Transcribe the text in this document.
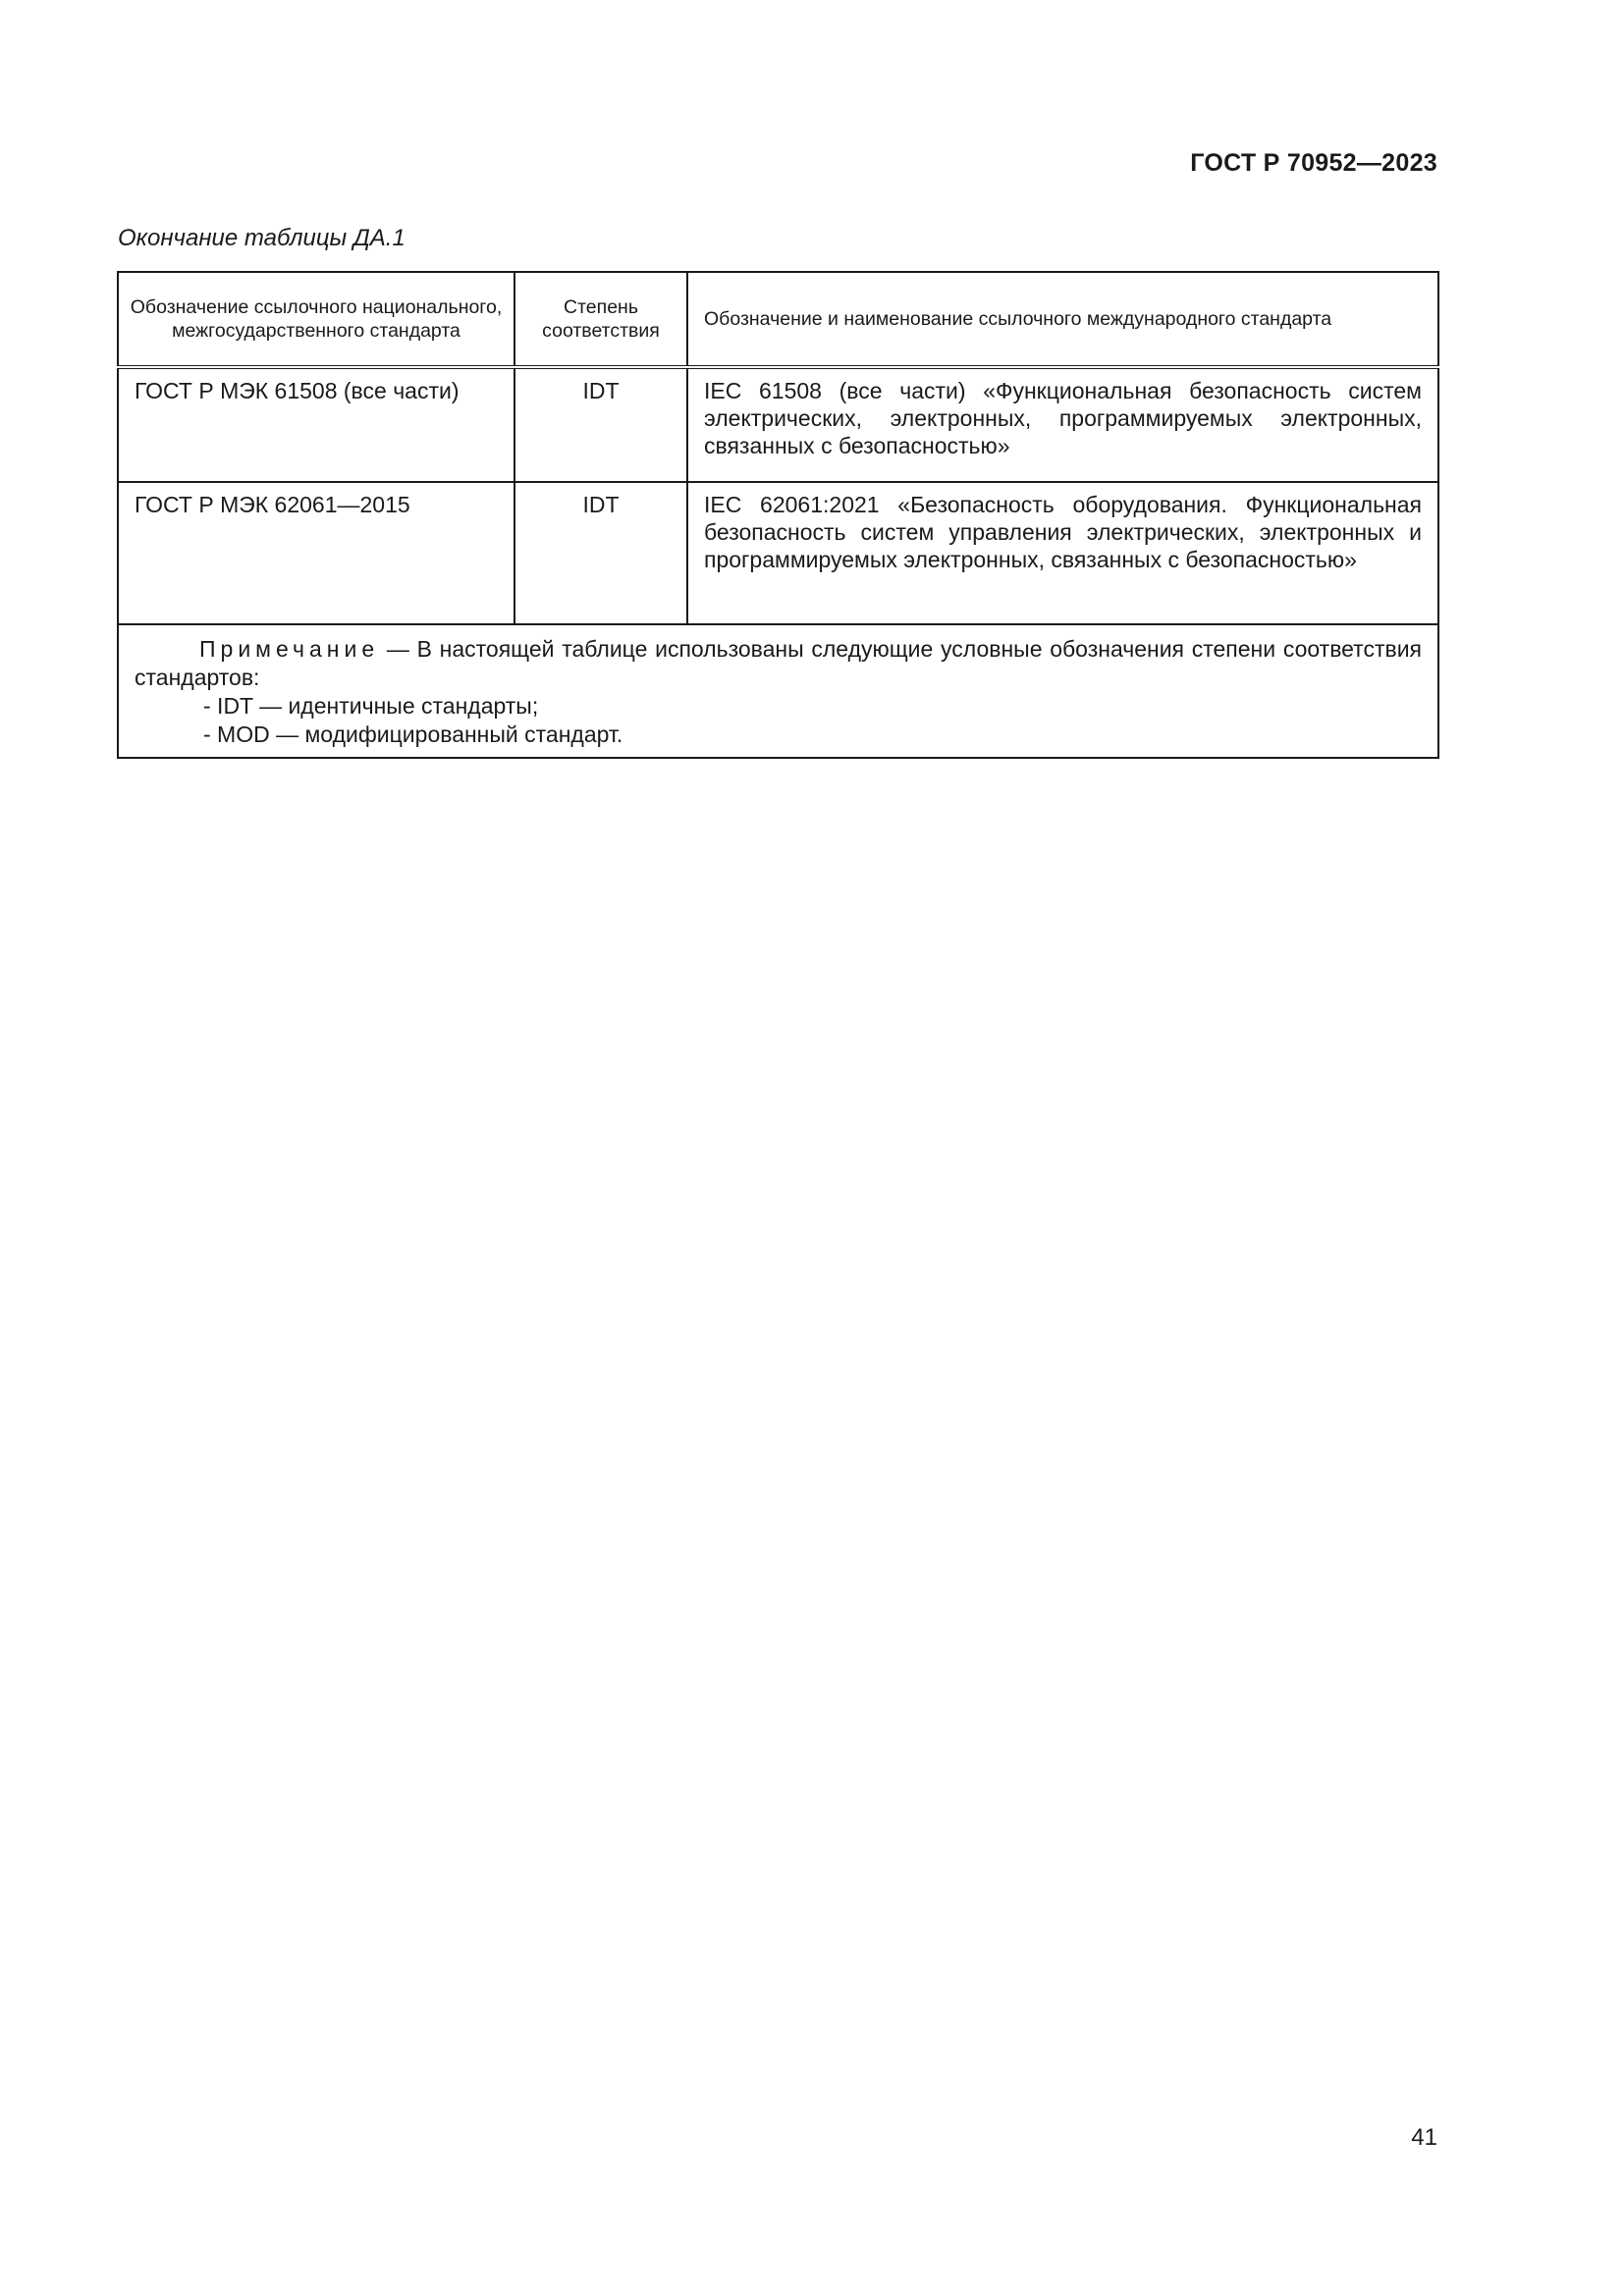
ГОСТ Р 70952—2023
Окончание таблицы ДА.1
Обозначение ссылочного национального, межгосударственного стандарта	Степень соответствия	Обозначение и наименование ссылочного международного стандарта
ГОСТ Р МЭК 61508 (все части)	IDT	IEC 61508 (все части) «Функциональная безопасность систем электрических, электронных, программируемых электронных, связанных с безопасностью»
ГОСТ Р МЭК 62061—2015	IDT	IEC 62061:2021 «Безопасность оборудования. Функциональная безопасность систем управления электрических, электронных и программируемых электронных, связанных с безопасностью»

Примечание — В настоящей таблице использованы следующие условные обозначения степени соответствия стандартов:
- IDT — идентичные стандарты;
- MOD — модифицированный стандарт.		
41
